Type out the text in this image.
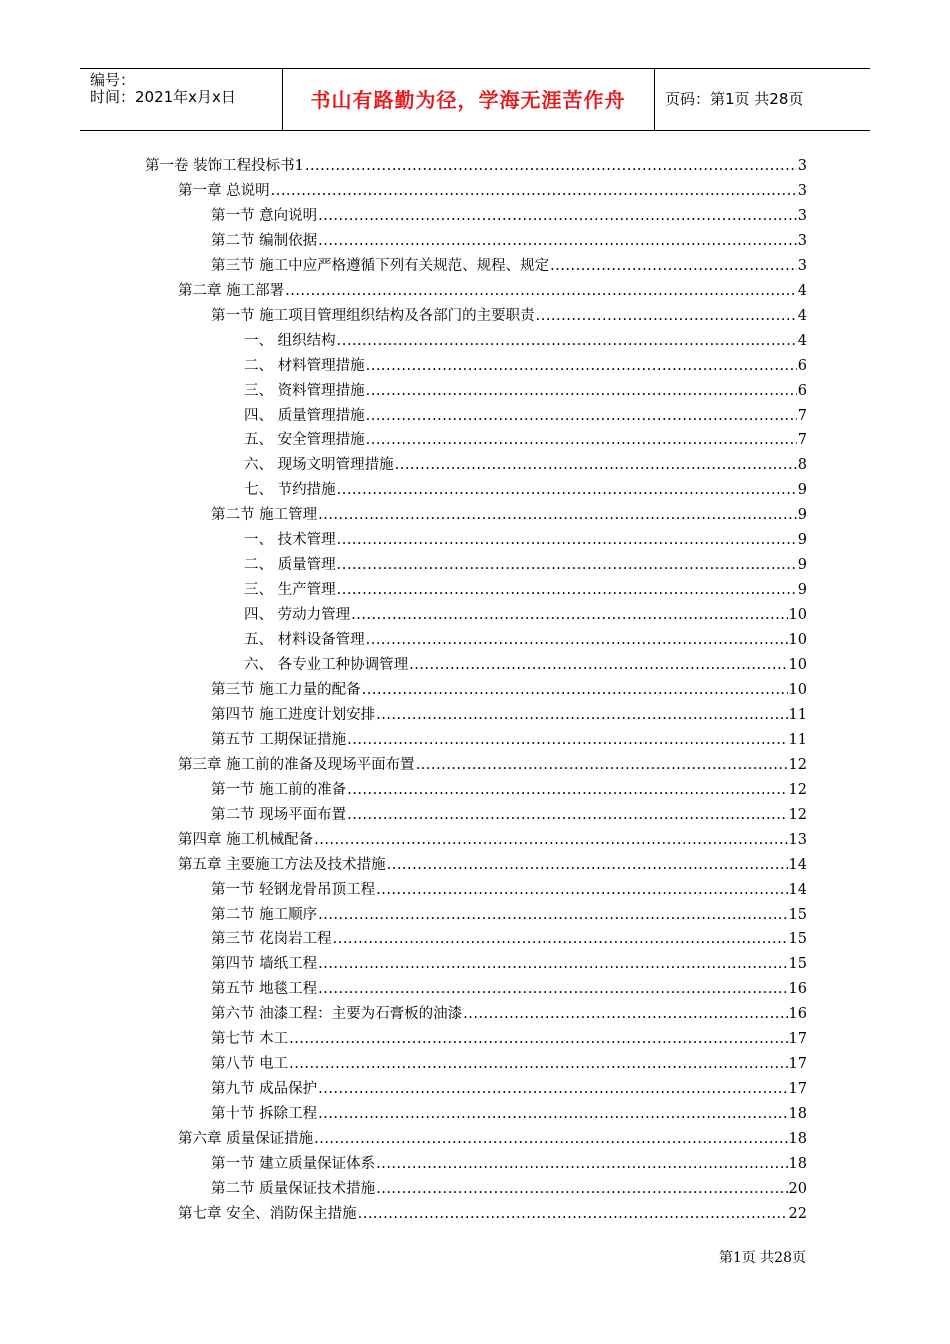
编号：
时间：2021年x月x日	书山有路勤为径，学海无涯苦作舟	页码：第1页 共28页
第一卷 装饰工程投标书1 .....	3
第一章 总说明 .....	3
第一节 意向说明 .....	3
第二节 编制依据 .....	3
第三节 施工中应严格遵循下列有关规范、规程、规定 .....	3
第二章 施工部署 .....	4
第一节 施工项目管理组织结构及各部门的主要职责 .....	4
一、 组织结构 .....	4
二、 材料管理措施 .....	6
三、 资料管理措施 .....	6
四、 质量管理措施 .....	7
五、 安全管理措施 .....	7
六、 现场文明管理措施 .....	8
七、 节约措施 .....	9
第二节 施工管理 .....	9
一、 技术管理 .....	9
二、 质量管理 .....	9
三、 生产管理 .....	9
四、 劳动力管理 .....	10
五、 材料设备管理 .....	10
六、 各专业工种协调管理 .....	10
第三节 施工力量的配备 .....	10
第四节 施工进度计划安排 .....	11
第五节 工期保证措施 .....	11
第三章 施工前的准备及现场平面布置 .....	12
第一节 施工前的准备 .....	12
第二节 现场平面布置 .....	12
第四章 施工机械配备 .....	13
第五章 主要施工方法及技术措施 .....	14
第一节 轻钢龙骨吊顶工程 .....	14
第二节 施工顺序 .....	15
第三节 花岗岩工程 .....	15
第四节 墙纸工程 .....	15
第五节 地毯工程 .....	16
第六节 油漆工程：主要为石膏板的油漆 .....	16
第七节 木工 .....	17
第八节 电工 .....	17
第九节 成品保护 .....	17
第十节 拆除工程 .....	18
第六章 质量保证措施 .....	18
第一节 建立质量保证体系 .....	18
第二节 质量保证技术措施 .....	20
第七章 安全、消防保主措施 .....	22
第1页 共28页
